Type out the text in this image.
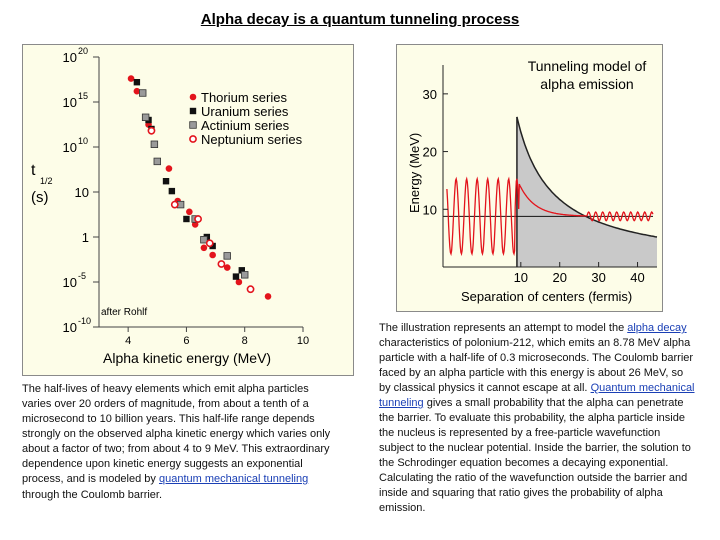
Alpha decay is a quantum tunneling process
10 20
10 15
10 10
10
1
10 -5
10 -10
4	6	8	10
Thorium series
Uranium series
Actinium series
Neptunium series
t
1/2
(s)
after Rohlf
Alpha kinetic energy (MeV)
10
20
30
10 20 30 40
Tunneling model of
alpha emission
Energy (MeV)
Separation of centers (fermis)
The half-lives of heavy elements which emit alpha particles varies over 20 orders of magnitude, from about a tenth of a microsecond to 10 billion years. This half-life range depends strongly on the observed alpha kinetic energy which varies only about a factor of two; from about 4 to 9 MeV. This extraordinary dependence upon kinetic energy suggests an exponential process, and is modeled by quantum mechanical tunneling
through the Coulomb barrier.
The illustration represents an attempt to model the alpha decay characteristics of polonium-212, which emits an 8.78 MeV alpha particle with a half-life of 0.3 microseconds. The Coulomb barrier faced by an alpha particle with this energy is about 26 MeV, so by classical physics it cannot escape at all. Quantum mechanical tunneling gives a small probability that the alpha can penetrate the barrier. To evaluate this probability, the alpha particle inside the nucleus is represented by a free-particle wavefunction subject to the nuclear potential. Inside the barrier, the solution to the Schrodinger equation becomes a decaying exponential. Calculating the ratio of the wavefunction outside the barrier and inside and squaring that ratio gives the probability of alpha emission.
